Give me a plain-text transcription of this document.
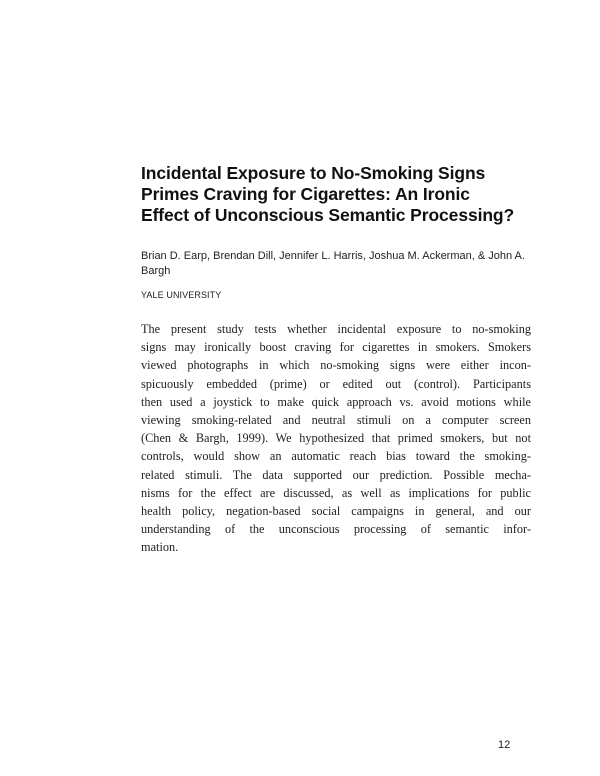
Incidental Exposure to No-Smoking Signs
Primes Craving for Cigarettes: An Ironic
Effect of Unconscious Semantic Processing?
Brian D. Earp, Brendan Dill, Jennifer L. Harris, Joshua M. Ackerman, & John A.
Bargh
YALE UNIVERSITY
The present study tests whether incidental exposure to no-smoking
signs may ironically boost craving for cigarettes in smokers. Smokers
viewed photographs in which no-smoking signs were either incon-
spicuously embedded (prime) or edited out (control). Participants
then used a joystick to make quick approach vs. avoid motions while
viewing smoking-related and neutral stimuli on a computer screen
(Chen & Bargh, 1999). We hypothesized that primed smokers, but not
controls, would show an automatic reach bias toward the smoking-
related stimuli. The data supported our prediction. Possible mecha-
nisms for the effect are discussed, as well as implications for public
health policy, negation-based social campaigns in general, and our
understanding of the unconscious processing of semantic infor-
mation.
12
